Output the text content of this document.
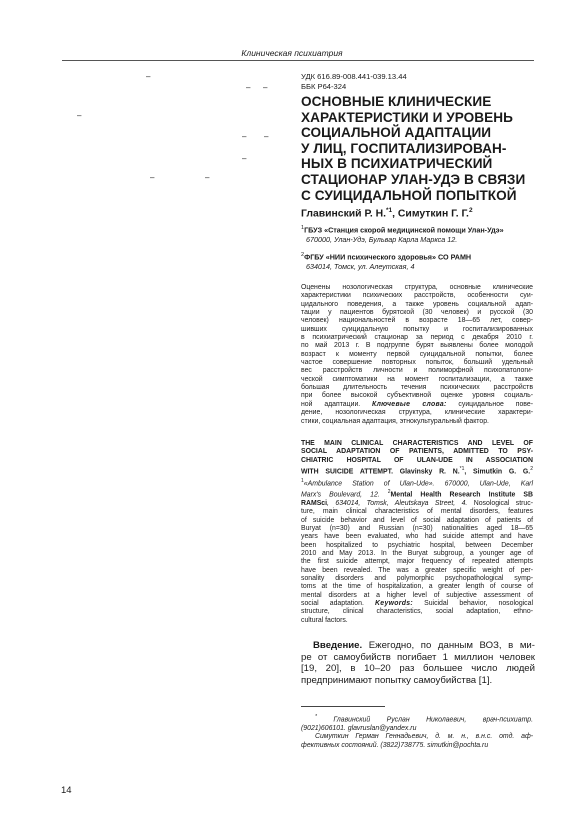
Клиническая психиатрия
–
– –
–
– –
–
–	–
УДК 616.89-008.441-039.13.44
ББК Р64-324
ОСНОВНЫЕ КЛИНИЧЕСКИЕ
ХАРАКТЕРИСТИКИ И УРОВЕНЬ
СОЦИАЛЬНОЙ АДАПТАЦИИ
У ЛИЦ, ГОСПИТАЛИЗИРОВАН-
НЫХ В ПСИХИАТРИЧЕСКИЙ
СТАЦИОНАР УЛАН-УДЭ В СВЯЗИ
С СУИЦИДАЛЬНОЙ ПОПЫТКОЙ
Главинский Р. Н.$^{*1}$, Симуткин Г. Г.$^2$
$^1$ГБУЗ «Станция скорой медицинской помощи Улан-Удэ»
670000, Улан-Удэ, Бульвар Карла Маркса 12.
$^2$ФГБУ «НИИ психического здоровья» СО РАМН
634014, Томск, ул. Алеутская, 4
Оценены нозологическая структура, основные клинические
характеристики психических расстройств, особенности суи-
цидального поведения, а также уровень социальной адап-
тации у пациентов бурятской (30 человек) и русской (30
человек) национальностей в возрасте 18—65 лет, совер-
шивших суицидальную попытку и госпитализированных
в психиатрический стационар за период с декабря 2010 г.
по май 2013 г. В подгруппе бурят выявлены более молодой
возраст к моменту первой суицидальной попытки, более
частое совершение повторных попыток, больший удельный
вес расстройств личности и полиморфной психопатологи-
ческой симптоматики на момент госпитализации, а также
большая длительность течения психических расстройств
при более высокой субъективной оценке уровня социаль-
ной адаптации. Ключевые слова: суицидальное пове-
дение, нозологическая структура, клинические характери-
стики, социальная адаптация, этнокультуральный фактор.
THE MAIN CLINICAL CHARACTERISTICS AND LEVEL OF
SOCIAL ADAPTATION OF PATIENTS, ADMITTED TO PSY-
CHIATRIC HOSPITAL OF ULAN-UDE IN ASSOCIATION
WITH SUICIDE ATTEMPT. Glavinsky R. N.$^{*1}$, Simutkin G. G.$^2$
$^1$«Ambulance Station of Ulan-Ude». 670000, Ulan-Ude, Karl
Marx's Boulevard, 12. $^2$Mental Health Research Institute SB
RAMSci, 634014, Tomsk, Aleutskaya Street, 4. Nosological struc-
ture, main clinical characteristics of mental disorders, features
of suicide behavior and level of social adaptation of patients of
Buryat (n=30) and Russian (n=30) nationalities aged 18—65
years have been evaluated, who had suicide attempt and have
been hospitalized to psychiatric hospital, between December
2010 and May 2013. In the Buryat subgroup, a younger age of
the first suicide attempt, major frequency of repeated attempts
have been revealed. The was a greater specific weight of per-
sonality disorders and polymorphic psychopathological symp-
toms at the time of hospitalization, a greater length of course of
mental disorders at a higher level of subjective assessment of
social adaptation. Keywords: Suicidal behavior, nosological
structure, clinical characteristics, social adaptation, ethno-
cultural factors.
Введение. Ежегодно, по данным ВОЗ, в ми-
ре от самоубийств погибает 1 миллион человек
[19, 20], в 10–20 раз большее число людей
предпринимают попытку самоубийства [1].
* Главинский Руслан Николаевич, врач-психиатр.
(9021)606101. glavruslan@yandex.ru
Симуткин Герман Геннадьевич, д. м. н., в.н.с. отд. аф-
фективных состояний. (3822)738775. simutkin@pochta.ru
14
